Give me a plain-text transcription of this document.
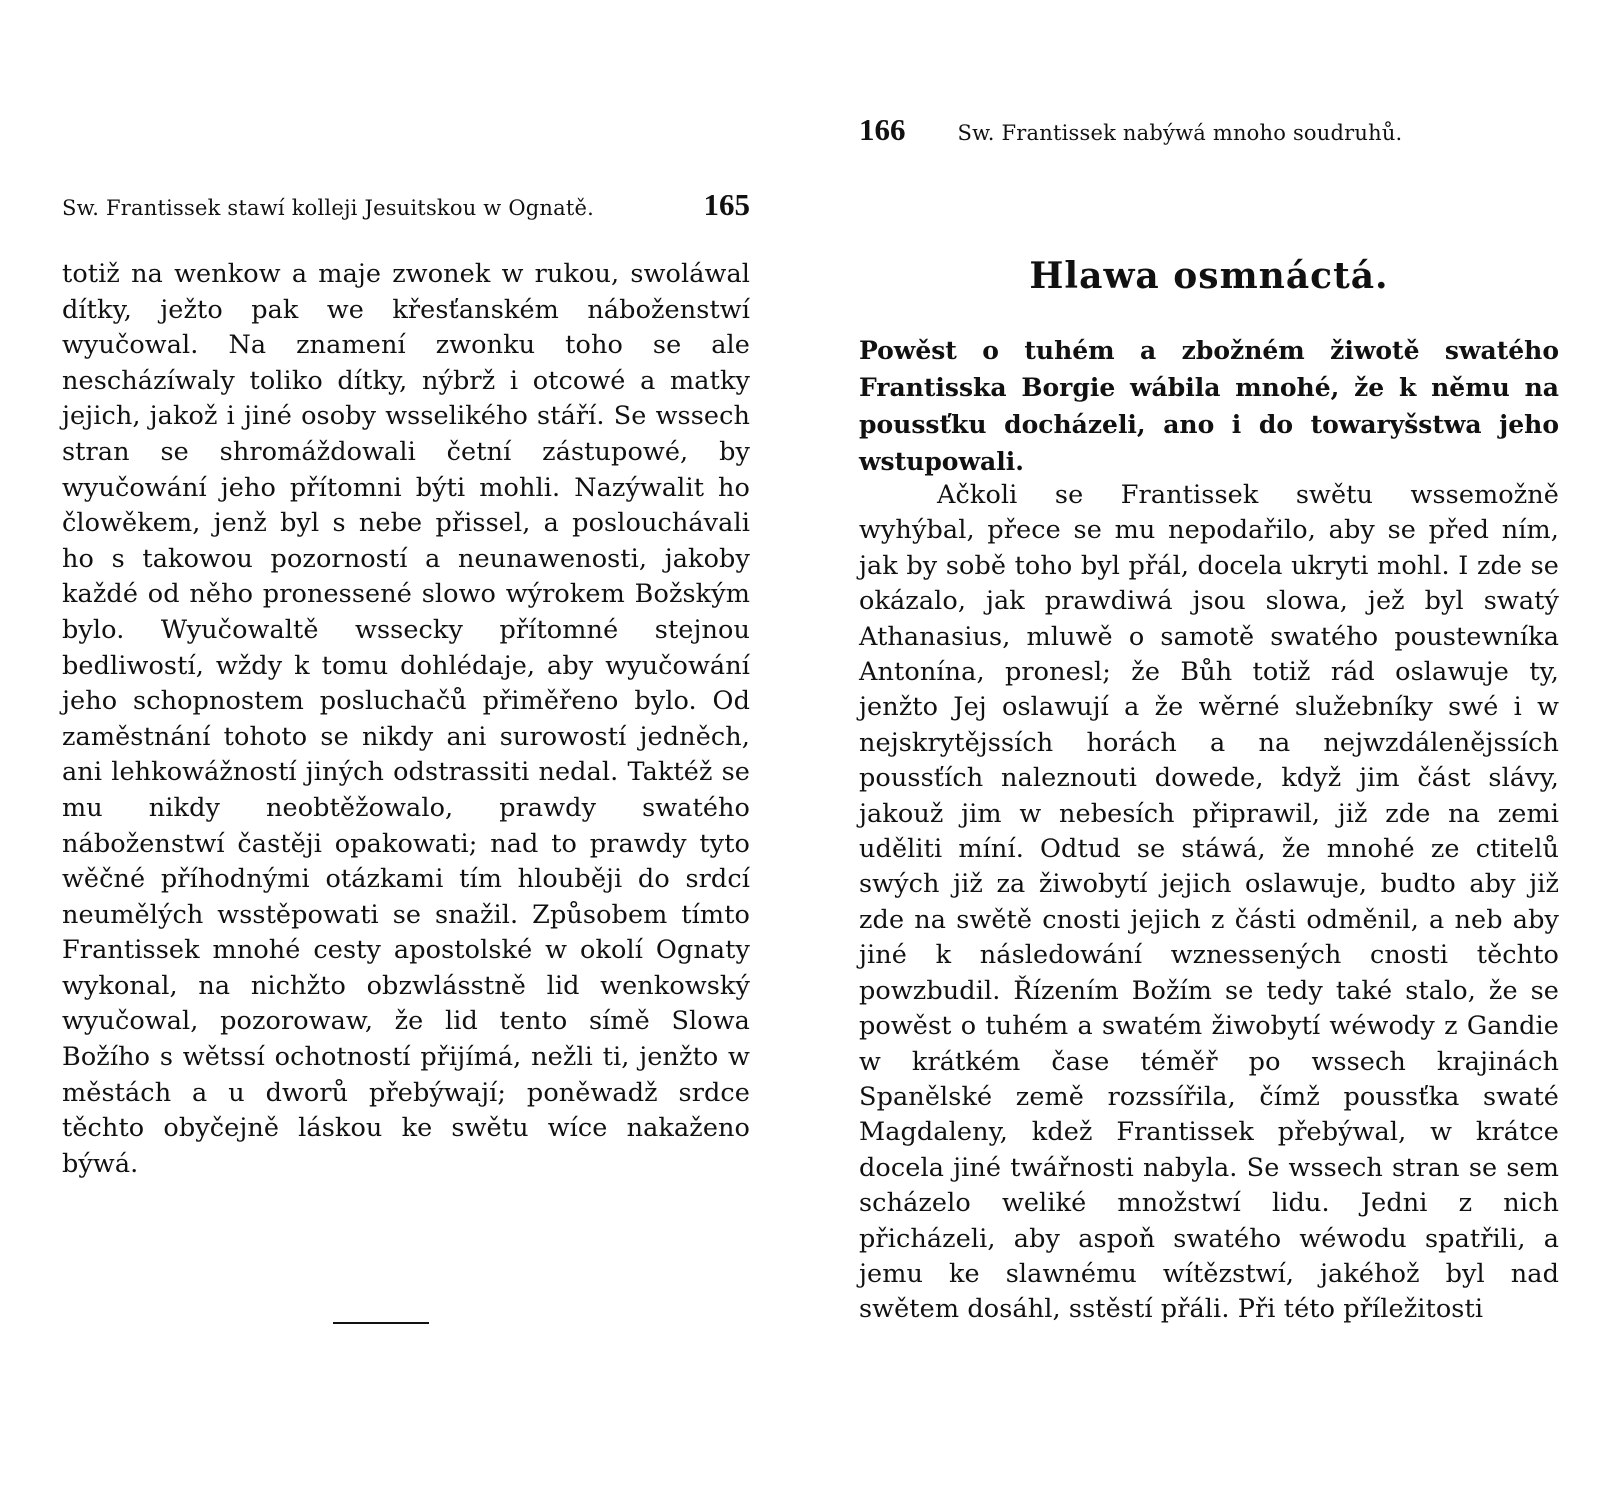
Sw. Frantissek stawí kolleji Jesuitskou w Ognatě.	165

totiž na wenkow a maje zwonek w rukou, swoláwal dítky, ježto pak we křesťanském náboženstwí wyučowal. Na znamení zwonku toho se ale nescházíwaly toliko dítky, nýbrž i otcowé a matky jejich, jakož i jiné osoby wsselikého stáří. Se wssech stran se shromáždowali četní zástupowé, by wyučowání jeho přítomni býti mohli. Nazýwalit ho člowěkem, jenž byl s nebe přissel, a poslouchávali ho s takowou pozorností a neunawenosti, jakoby každé od něho pronessené slowo wýrokem Božským bylo. Wyučowaltě wssecky přítomné stejnou bedliwostí, wždy k tomu dohlédaje, aby wyučowání jeho schopnostem posluchačů přiměřeno bylo. Od zaměstnání tohoto se nikdy ani surowostí jedněch, ani lehkowážností jiných odstrassiti nedal. Taktéž se mu nikdy neobtěžowalo, prawdy swatého náboženstwí častěji opakowati; nad to prawdy tyto wěčné příhodnými otázkami tím hlouběji do srdcí neumělých wsstěpowati se snažil. Způsobem tímto Frantissek mnohé cesty apostolské w okolí Ognaty wykonal, na nichžto obzwlásstně lid wenkowský wyučowal, pozorowaw, že lid tento símě Slowa Božího s wětssí ochotností přijímá, nežli ti, jenžto w městách a u dworů přebýwají; poněwadž srdce těchto obyčejně láskou ke swětu wíce nakaženo býwá.

166 Sw. Frantissek nabýwá mnoho soudruhů.
Hlawa osmnáctá.
Powěst o tuhém a zbožném žiwotě swatého Frantisska Borgie wábila mnohé, že k němu na poussťku docházeli, ano i do towaryšstwa jeho wstupowali.

Ačkoli se Frantissek swětu wssemožně wyhýbal, přece se mu nepodařilo, aby se před ním, jak by sobě toho byl přál, docela ukryti mohl. I zde se okázalo, jak prawdiwá jsou slowa, jež byl swatý Athanasius, mluwě o samotě swatého poustewníka Antonína, pronesl; že Bůh totiž rád oslawuje ty, jenžto Jej oslawují a že wěrné služebníky swé i w nejskrytějssích horách a na nejwzdálenějssích poussťích naleznouti dowede, když jim část slávy, jakouž jim w nebesích připrawil, již zde na zemi uděliti míní. Odtud se stáwá, že mnohé ze ctitelů swých již za žiwobytí jejich oslawuje, budto aby již zde na swětě cnosti jejich z části odměnil, a neb aby jiné k následowání wznessených cnosti těchto powzbudil. Řízením Božím se tedy také stalo, že se powěst o tuhém a swatém žiwobytí wéwody z Gandie w krátkém čase téměř po wssech krajinách Spanělské země rozssířila, čímž poussťka swaté Magdaleny, kdež Frantissek přebýwal, w krátce docela jiné twářnosti nabyla. Se wssech stran se sem scházelo weliké množstwí lidu. Jedni z nich přicházeli, aby aspoň swatého wéwodu spatřili, a jemu ke slawnému wítězstwí, jakéhož byl nad swětem dosáhl, sstěstí přáli. Při této příležitosti
